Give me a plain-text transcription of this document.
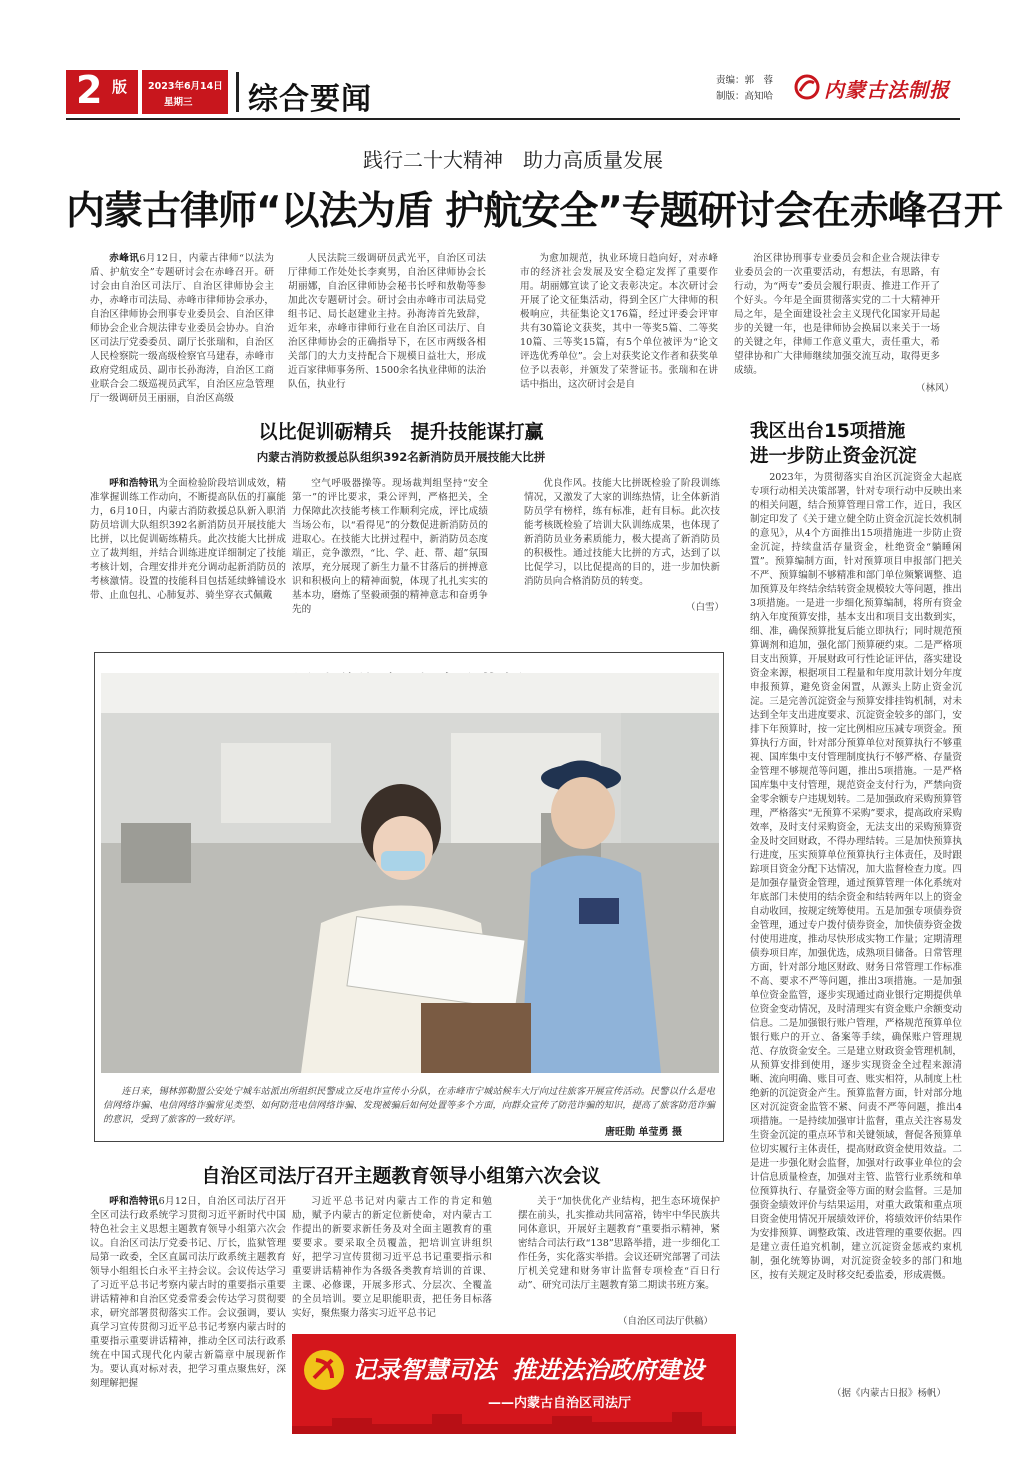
2 版 2023年6月14日
星期三 综合要闻
责编：郭　蓉
制版：高知哈	内蒙古法制报
践行二十大精神　助力高质量发展
内蒙古律师“以法为盾 护航安全”专题研讨会在赤峰召开

赤峰讯6月12日，内蒙古律师“以法为盾、护航安全”专题研讨会在赤峰召开。研讨会由自治区司法厅、自治区律师协会主办，赤峰市司法局、赤峰市律师协会承办，自治区律师协会刑事专业委员会、自治区律师协会企业合规法律专业委员会协办。自治区司法厅党委委员、副厅长张瑞和，自治区人民检察院一级高级检察官马建春，赤峰市政府党组成员、副市长孙海涛，自治区工商业联合会二级巡视员武军，自治区应急管理厅一级调研员王丽丽，自治区高级

人民法院三级调研员武光平，自治区司法厅律师工作处处长李爽男，自治区律师协会长胡丽娜，自治区律师协会秘书长呼和敖勒等参加此次专题研讨会。研讨会由赤峰市司法局党组书记、局长赵建业主持。孙海涛首先致辞，近年来，赤峰市律师行业在自治区司法厅、自治区律师协会的正确指导下，在区市两级各相关部门的大力支持配合下规模日益壮大，形成近百家律师事务所、1500余名执业律师的法治队伍，执业行

为愈加规范，执业环境日趋向好，对赤峰市的经济社会发展及安全稳定发挥了重要作用。胡丽娜宣读了论文表彰决定。本次研讨会开展了论文征集活动，得到全区广大律师的积极响应，共征集论文176篇，经过评委会评审共有30篇论文获奖，其中一等奖5篇、二等奖10篇、三等奖15篇，有5个单位被评为“论文评选优秀单位”。会上对获奖论文作者和获奖单位予以表彰，并颁发了荣誉证书。张瑞和在讲话中指出，这次研讨会是自

治区律协刑事专业委员会和企业合规法律专业委员会的一次重要活动，有想法，有思路，有行动，为“两专”委员会履行职责、推进工作开了个好头。今年是全面贯彻落实党的二十大精神开局之年，是全面建设社会主义现代化国家开局起步的关键一年，也是律师协会换届以来关于一场的关键之年，律师工作意义重大，责任重大，希望律协和广大律师继续加强交流互动，取得更多成绩。

（林风）
以比促训砺精兵　提升技能谋打赢
内蒙古消防救援总队组织392名新消防员开展技能大比拼

呼和浩特讯为全面检验阶段培训成效，精准掌握训练工作动向，不断提高队伍的打赢能力，6月10日，内蒙古消防救援总队新入职消防员培训大队组织392名新消防员开展技能大比拼，以比促训砺练精兵。此次技能大比拼成立了裁判组，并结合训练进度详细制定了技能考核计划，合理安排并充分调动起新消防员的考核激情。设置的技能科目包括延续蜂铺设水带、止血包扎、心肺复苏、骑坐穿衣式佩戴

空气呼吸器操等。现场裁判组坚持“安全第一”的评比要求，秉公评判，严格把关，全力保障此次技能考核工作顺利完成，评比成绩当场公布，以“看得见”的分数促进新消防员的进取心。在技能大比拼过程中，新消防员态度端正，竞争激烈，“比、学、赶、帮、超”氛围浓厚，充分展现了新生力量不甘落后的拼搏意识和积极向上的精神面貌，体现了扎扎实实的基本功，磨炼了坚毅顽强的精神意志和奋勇争先的

优良作风。技能大比拼既检验了阶段训练情况，又激发了大家的训练热情，让全体新消防员学有榜样，练有标准，赶有目标。此次技能考核既检验了培训大队训练成果，也体现了新消防员业务素质能力，极大提高了新消防员的积极性。通过技能大比拼的方式，达到了以比促学习，以比促提高的目的，进一步加快新消防员向合格消防员的转变。

（白雪）
连日来，锡林郭勒盟公安处宁城车站派出所组织民警成立反电诈宣传小分队，在赤峰市宁城站候车大厅向过往旅客开展宣传活动。民警以什么是电信网络诈骗、电信网络诈骗常见类型、如何防范电信网络诈骗、发现被骗后如何处置等多个方面，向群众宣传了防范诈骗的知识，提高了旅客防范诈骗的意识，受到了旅客的一致好评。
唐旺勋 单莹勇 摄
我区出台15项措施
进一步防止资金沉淀

2023年，为贯彻落实自治区沉淀资金大起底专项行动相关决策部署，针对专项行动中反映出来的相关问题，结合预算管理日常工作，近日，我区制定印发了《关于建立健全防止资金沉淀长效机制的意见》，从4个方面推出15项措施进一步防止资金沉淀，持续盘活存量资金，杜绝资金“躺睡闲置”。预算编制方面，针对预算项目申报部门把关不严、预算编制不够精准和部门单位频繁调整、追加预算及年终结余结转资金规模较大等问题，推出3项措施。一是进一步细化预算编制，将所有资金纳入年度预算安排，基本支出和项目支出数到实，细、准，确保预算批复后能立即执行；同时规范预算调剂和追加，强化部门预算硬约束。二是严格项目支出预算，开展财政可行性论证评估，落实建设资金来源，根据项目工程量和年度用款计划分年度申报预算，避免资金闲置，从源头上防止资金沉淀。三是完善沉淀资金与预算安排挂钩机制，对未达到全年支出进度要求、沉淀资金较多的部门，安排下年预算时，按一定比例相应压减专项资金。预算执行方面，针对部分预算单位对预算执行不够重视、国库集中支付管理制度执行不够严格、存量资金管理不够规范等问题，推出5项措施。一是严格国库集中支付管理，规范资金支付行为，严禁向资金零余额专户违规划转。二是加强政府采购预算管理，严格落实“无预算不采购”要求，提高政府采购效率，及时支付采购资金，无法支出的采购预算资金及时交回财政，不得办理结转。三是加快预算执行进度，压实预算单位预算执行主体责任，及时跟踪项目资金分配下达情况，加大监督检查力度。四是加强存量资金管理，通过预算管理一体化系统对年底部门未使用的结余资金和结转两年以上的资金自动收回，按规定统筹使用。五是加强专项债券资金管理，通过专户拨付债券资金，加快债券资金拨付使用进度，推动尽快形成实物工作量；定期清理债券项目库，加强优选，成熟项目储备。日常管理方面，针对部分地区财政、财务日常管理工作标准不高、要求不严等问题，推出3项措施。一是加强单位资金监管，逐步实现通过商业银行定期提供单位资金变动情况，及时清理实有资金账户余额变动信息。二是加强银行账户管理，严格规范预算单位银行账户的开立、备案等手续，确保账户管理规范、存放资金安全。三是建立财政资金管理机制，从预算安排到使用，逐步实现资金全过程来源清晰、流向明确、账目可查、账实相符，从制度上杜绝新的沉淀资金产生。预算监督方面，针对部分地区对沉淀资金监管不紧、问责不严等问题，推出4项措施。一是持续加强审计监督，重点关注容易发生资金沉淀的重点环节和关键领域，督促各预算单位切实履行主体责任，提高财政资金使用效益。二是进一步强化财会监督，加强对行政事业单位的会计信息质量检查，加强对主管、监管行业系统和单位预算执行、存量资金等方面的财会监督。三是加强资金绩效评价与结果运用，对重大政策和重点项目资金使用情况开展绩效评价，将绩效评价结果作为安排预算、调整政策、改进管理的重要依据。四是建立责任追究机制，建立沉淀资金惩戒约束机制，强化统筹协调，对沉淀资金较多的部门和地区，按有关规定及时移交纪委监委，形成震慑。

（据《内蒙古日报》杨帆）
自治区司法厅召开主题教育领导小组第六次会议

呼和浩特讯6月12日，自治区司法厅召开全区司法行政系统学习贯彻习近平新时代中国特色社会主义思想主题教育领导小组第六次会议。自治区司法厅党委书记、厅长，监狱管理局第一政委，全区直属司法厅政系统主题教育领导小组组长白永平主持会议。会议传达学习了习近平总书记考察内蒙古时的重要指示重要讲话精神和自治区党委常委会传达学习贯彻要求，研究部署贯彻落实工作。会议强调，要认真学习宣传贯彻习近平总书记考察内蒙古时的重要指示重要讲话精神，推动全区司法行政系统在中国式现代化内蒙古新篇章中展现新作为。要认真对标对表，把学习重点聚焦好，深刻理解把握

习近平总书记对内蒙古工作的肯定和勉励，赋予内蒙古的新定位新使命，对内蒙古工作提出的新要求新任务及对全面主题教育的重要要求。要采取全员覆盖，把培训宣讲组织好，把学习宣传贯彻习近平总书记重要指示和重要讲话精神作为各级各类教育培训的首课、主课、必修课，开展多形式、分层次、全覆盖的全员培训。要立足职能职责，把任务目标落实好，聚焦聚力落实习近平总书记

关于“加快优化产业结构，把生态环境保护摆在前头，扎实推动共同富裕，铸牢中华民族共同体意识，开展好主题教育”重要指示精神，紧密结合司法行政“138”思路举措，进一步细化工作任务，实化落实举措。会议还研究部署了司法厅机关党建和财务审计监督专项检查“百日行动”、研究司法厅主题教育第二期读书班方案。

（自治区司法厅供稿）
记录智慧司法 推进法治政府建设
——内蒙古自治区司法厅
